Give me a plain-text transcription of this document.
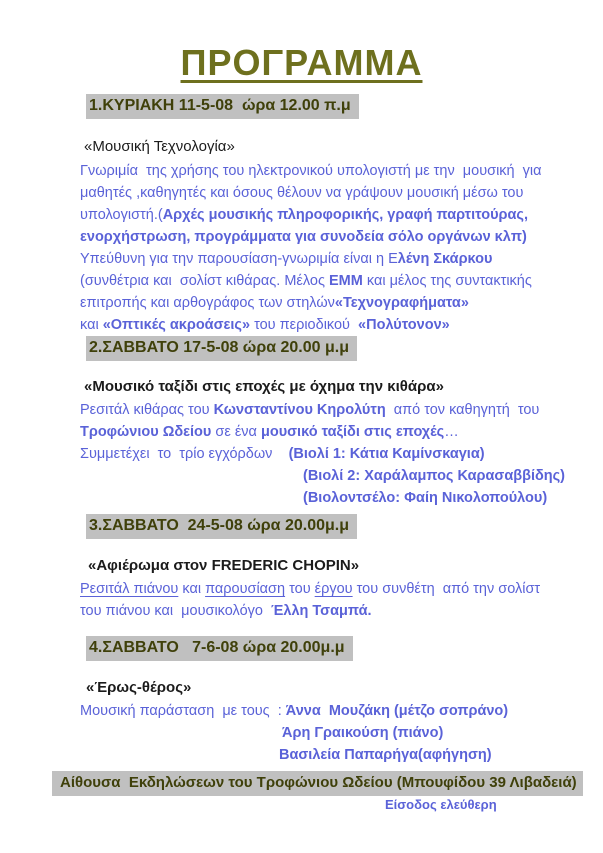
ΠΡΟΓΡΑΜΜΑ
1.ΚΥΡΙΑΚΗ 11-5-08  ώρα 12.00 π.μ
«Μουσική Τεχνολογία»
Γνωριμία  της χρήσης του ηλεκτρονικού υπολογιστή με την  μουσική  για
μαθητές ,καθηγητές και όσους θέλουν να γράψουν μουσική μέσω του
υπολογιστή.(Αρχές μουσικής πληροφορικής, γραφή παρτιτούρας,
ενορχήστρωση, προγράμματα για συνοδεία σόλο οργάνων κλπ)
Υπεύθυνη για την παρουσίαση-γνωριμία είναι η Ελένη Σκάρκου
(συνθέτρια και  σολίστ κιθάρας. Μέλος ΕΜΜ και μέλος της συντακτικής
επιτροπής και αρθογράφος των στηλών«Τεχνογραφήματα»
και «Οπτικές ακροάσεις» του περιοδικού  «Πολύτονον»
2.ΣΑΒΒΑΤΟ 17-5-08 ώρα 20.00 μ.μ
«Μουσικό ταξίδι στις εποχές με όχημα την κιθάρα»
Ρεσιτάλ κιθάρας του Κωνσταντίνου Κηρολύτη  από τον καθηγητή  του
Τροφώνιου Ωδείου σε ένα μουσικό ταξίδι στις εποχές…
Συμμετέχει  το  τρίο εγχόρδων    (Βιολί 1: Κάτια Καμίνσκαγια)
(Βιολί 2: Χαράλαμπος Καρασαββίδης)
(Βιολοντσέλο: Φαίη Νικολοπούλου)
3.ΣΑΒΒΑΤΟ  24-5-08 ώρα 20.00μ.μ
«Αφιέρωμα στον FREDERIC CHOPIN»
Ρεσιτάλ πιάνου και παρουσίαση του έργου του συνθέτη  από την σολίστ
του πιάνου και  μουσικολόγο  Έλλη Τσαμπά.
4.ΣΑΒΒΑΤΟ   7-6-08 ώρα 20.00μ.μ
«Έρως-θέρος»
Μουσική παράσταση  με τους  : Άννα  Μουζάκη (μέτζο σοπράνο)
Άρη Γραικούση (πιάνο)
Βασιλεία Παπαρήγα(αφήγηση)
Αίθουσα  Εκδηλώσεων του Τροφώνιου Ωδείου (Μπουφίδου 39 Λιβαδειά)
Είσοδος ελεύθερη
